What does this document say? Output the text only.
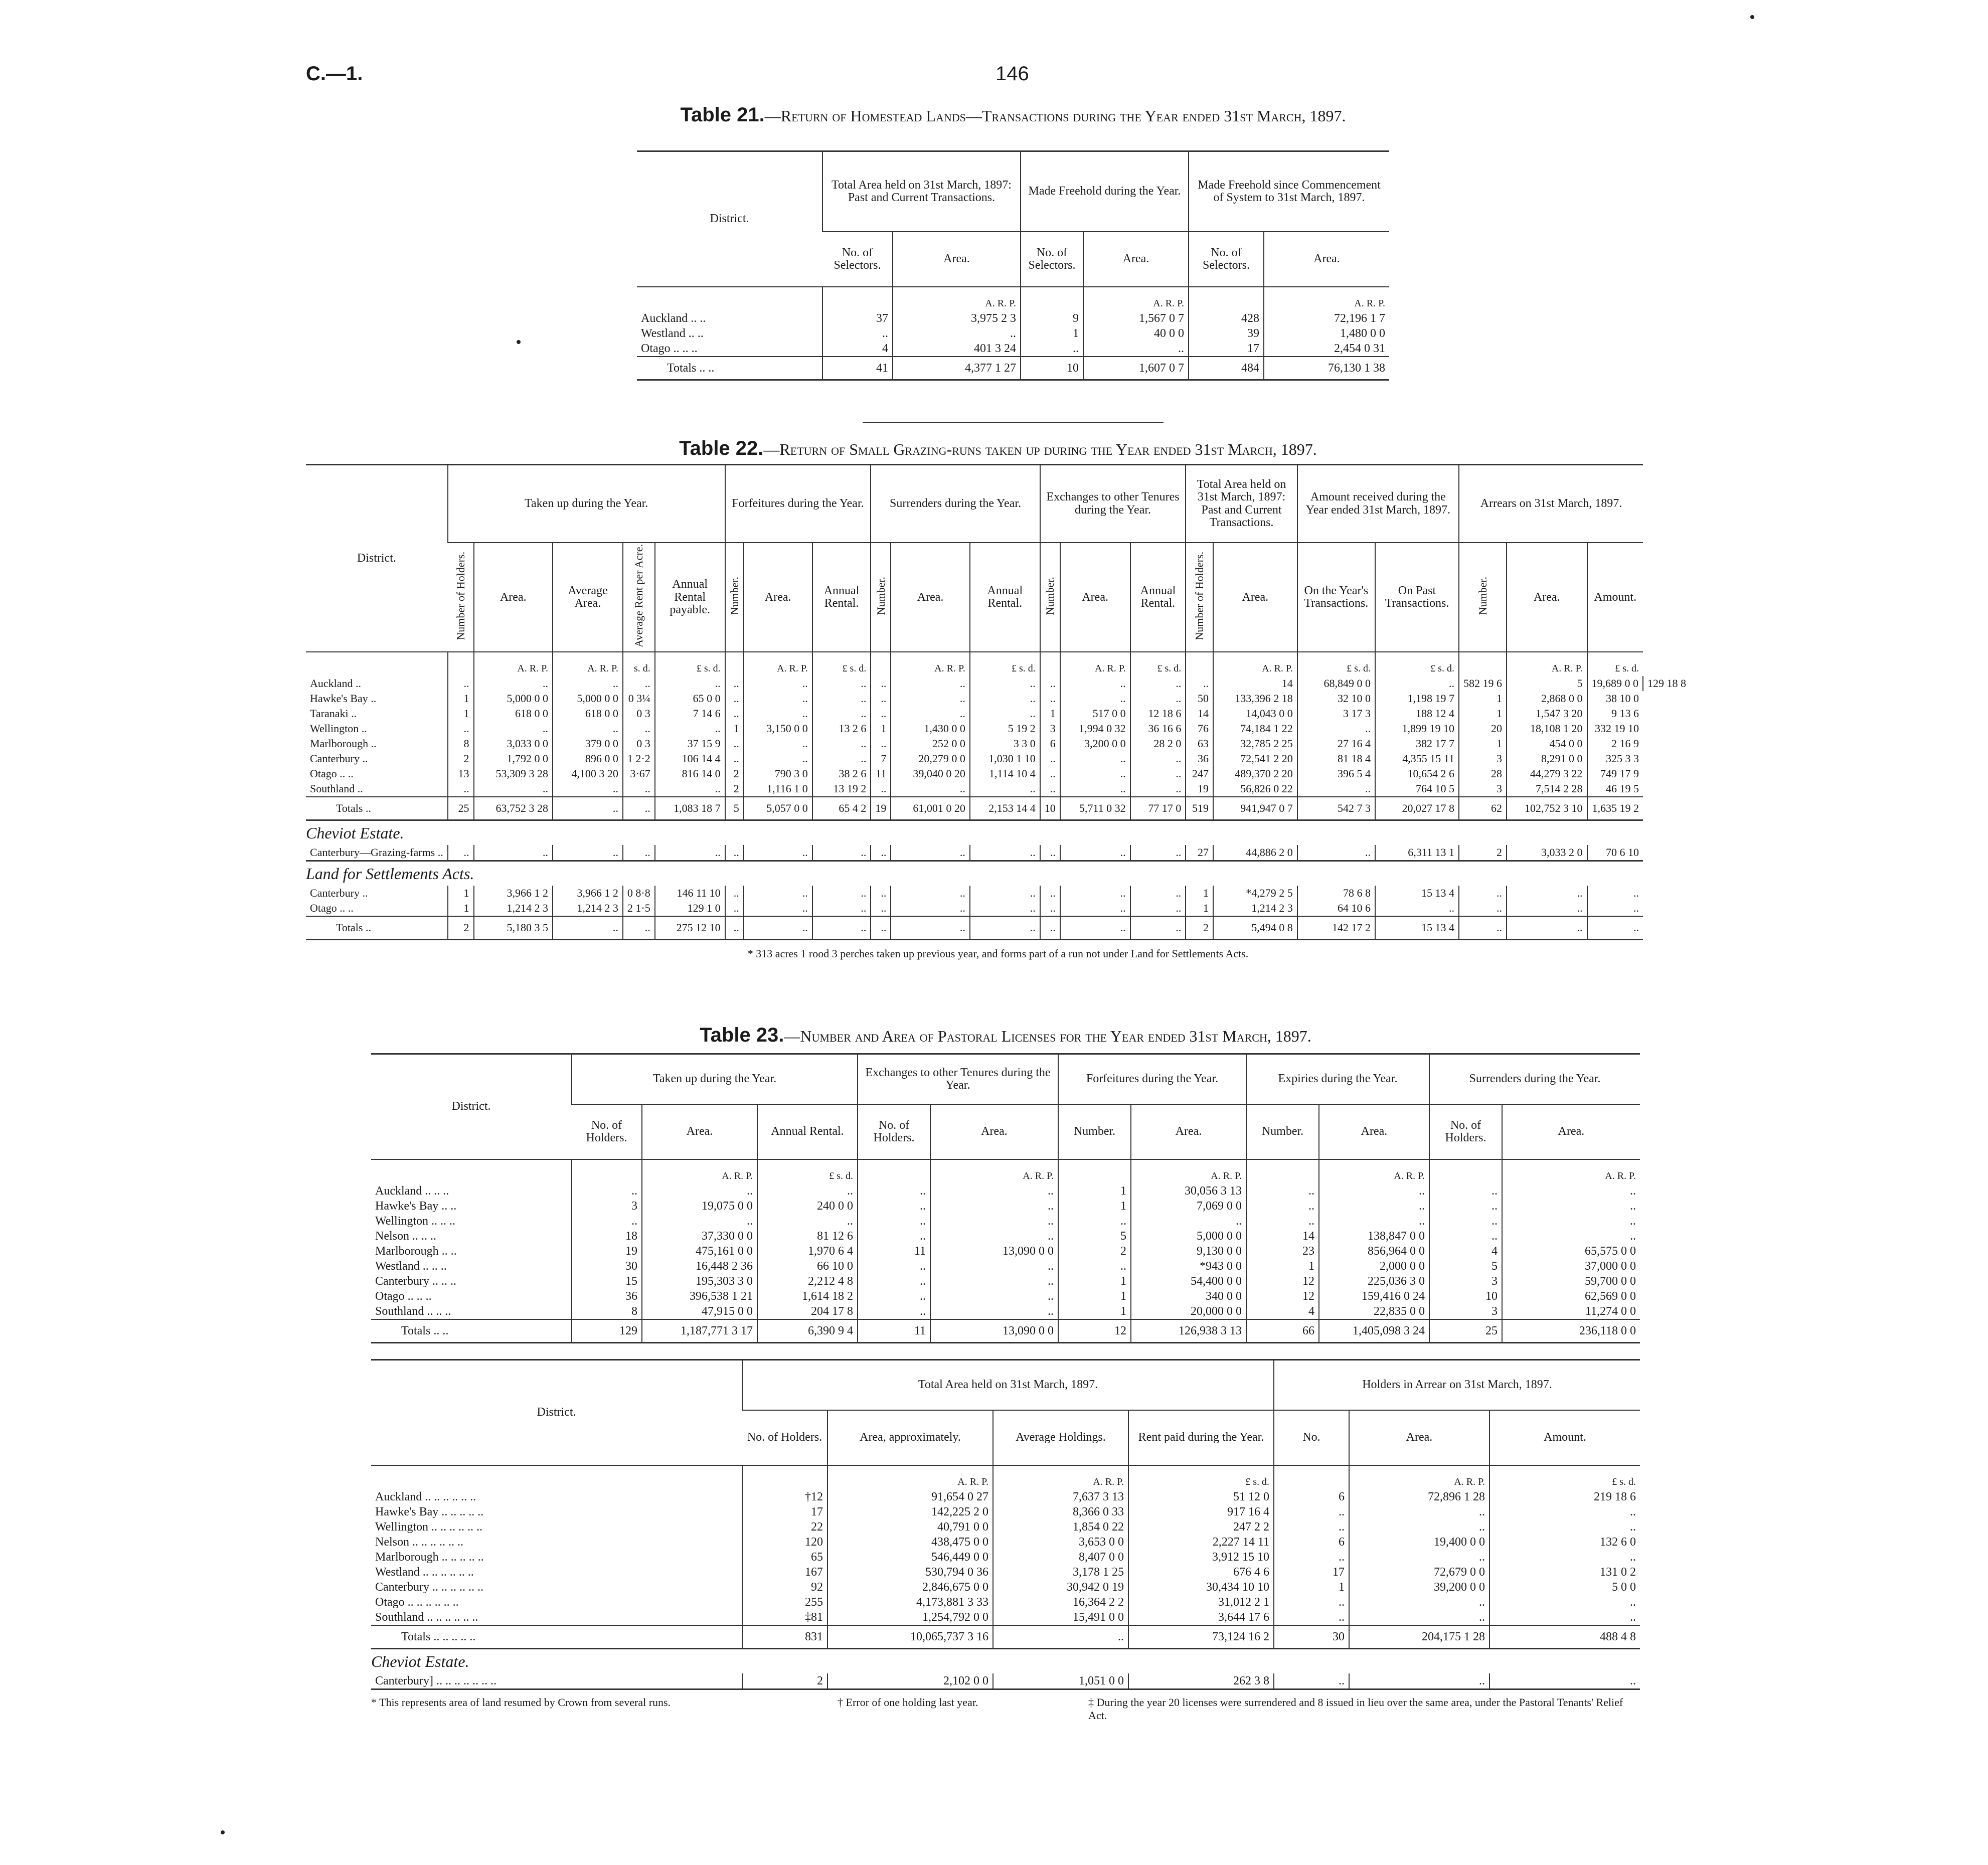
C.—1.	146
Table 21.—Return of Homestead Lands—Transactions during the Year ended 31st March, 1897.
District.	Total Area held on 31st March, 1897: Past and Current Transactions.		Made Freehold during the Year.		Made Freehold since Commencement of System to 31st March, 1897.	
	No. of Selectors.	Area.	No. of Selectors.	Area.	No. of Selectors.	Area.
		A. R. P.		A. R. P.		A. R. P.
Auckland .. ..	37	3,975 2 3	9	1,567 0 7	428	72,196 1 7
Westland .. ..	..	..	1	40 0 0	39	1,480 0 0
Otago .. .. ..	4	401 3 24	..	..	17	2,454 0 31
Totals .. ..	41	4,377 1 27	10	1,607 0 7	484	76,130 1 38
Table 22.—Return of Small Grazing-runs taken up during the Year ended 31st March, 1897.
District.	Taken up during the Year.					Forfeitures during the Year.			Surrenders during the Year.			Exchanges to other Tenures during the Year.			Total Area held on 31st March, 1897: Past and Current Transactions.		Amount received during the Year ended 31st March, 1897.		Arrears on 31st March, 1897.			
	Number of Holders.	Area.	Average Area.	Average Rent per Acre.	Annual Rental payable.	Number.	Area.	Annual Rental.	Number.	Area.	Annual Rental.	Number.	Area.	Annual Rental.	Number of Holders.	Area.	On the Year's Transactions.	On Past Transactions.	Number.	Area.	Amount.	
		A. R. P.	A. R. P.	s. d.	£ s. d.		A. R. P.	£ s. d.		A. R. P.	£ s. d.		A. R. P.	£ s. d.		A. R. P.	£ s. d.	£ s. d.		A. R. P.	£ s. d.	
Auckland ..	..	..	..	..	..	..	..	..	..	..	..	..	..	..	..	14	68,849 0 0	..	582 19 6	5	19,689 0 0	129 18 8
Hawke's Bay ..	1	5,000 0 0	5,000 0 0	0 3¼	65 0 0	..	..	..	..	..	..	..	..	..	50	133,396 2 18	32 10 0	1,198 19 7	1	2,868 0 0	38 10 0	
Taranaki ..	1	618 0 0	618 0 0	0 3	7 14 6	..	..	..	..	..	..	1	517 0 0	12 18 6	14	14,043 0 0	3 17 3	188 12 4	1	1,547 3 20	9 13 6	
Wellington ..	..	..	..	..	..	1	3,150 0 0	13 2 6	1	1,430 0 0	5 19 2	3	1,994 0 32	36 16 6	76	74,184 1 22	..	1,899 19 10	20	18,108 1 20	332 19 10	
Marlborough ..	8	3,033 0 0	379 0 0	0 3	37 15 9	..	..	..	..	252 0 0	3 3 0	6	3,200 0 0	28 2 0	63	32,785 2 25	27 16 4	382 17 7	1	454 0 0	2 16 9	
Canterbury ..	2	1,792 0 0	896 0 0	1 2·2	106 14 4	..	..	..	7	20,279 0 0	1,030 1 10	..	..	..	36	72,541 2 20	81 18 4	4,355 15 11	3	8,291 0 0	325 3 3	
Otago .. ..	13	53,309 3 28	4,100 3 20	3·67	816 14 0	2	790 3 0	38 2 6	11	39,040 0 20	1,114 10 4	..	..	..	247	489,370 2 20	396 5 4	10,654 2 6	28	44,279 3 22	749 17 9	
Southland ..	..	..	..	..	..	2	1,116 1 0	13 19 2	..	..	..	..	..	..	19	56,826 0 22	..	764 10 5	3	7,514 2 28	46 19 5	
Totals ..	25	63,752 3 28	..	..	1,083 18 7	5	5,057 0 0	65 4 2	19	61,001 0 20	2,153 14 4	10	5,711 0 32	77 17 0	519	941,947 0 7	542 7 3	20,027 17 8	62	102,752 3 10	1,635 19 2	
Cheviot Estate.																						
Canterbury—Grazing-farms ..	..	..	..	..	..	..	..	..	..	..	..	..	..	..	27	44,886 2 0	..	6,311 13 1	2	3,033 2 0	70 6 10	
Land for Settlements Acts.																						
Canterbury ..	1	3,966 1 2	3,966 1 2	0 8·8	146 11 10	..	..	..	..	..	..	..	..	..	1	*4,279 2 5	78 6 8	15 13 4	..	..	..	
Otago .. ..	1	1,214 2 3	1,214 2 3	2 1·5	129 1 0	..	..	..	..	..	..	..	..	..	1	1,214 2 3	64 10 6	..	..	..	..	
Totals ..	2	5,180 3 5	..	..	275 12 10	..	..	..	..	..	..	..	..	..	2	5,494 0 8	142 17 2	15 13 4	..	..	..	
* 313 acres 1 rood 3 perches taken up previous year, and forms part of a run not under Land for Settlements Acts.
Table 23.—Number and Area of Pastoral Licenses for the Year ended 31st March, 1897.
District.	Taken up during the Year.			Exchanges to other Tenures during the Year.		Forfeitures during the Year.		Expiries during the Year.		Surrenders during the Year.	
	No. of Holders.	Area.	Annual Rental.	No. of Holders.	Area.	Number.	Area.	Number.	Area.	No. of Holders.	Area.
		A. R. P.	£ s. d.		A. R. P.		A. R. P.		A. R. P.		A. R. P.
Auckland .. .. ..	..	..	..	..	..	1	30,056 3 13	..	..	..	..
Hawke's Bay .. ..	3	19,075 0 0	240 0 0	..	..	1	7,069 0 0	..	..	..	..
Wellington .. .. ..	..	..	..	..	..	..	..	..	..	..	..
Nelson .. .. ..	18	37,330 0 0	81 12 6	..	..	5	5,000 0 0	14	138,847 0 0	..	..
Marlborough .. ..	19	475,161 0 0	1,970 6 4	11	13,090 0 0	2	9,130 0 0	23	856,964 0 0	4	65,575 0 0
Westland .. .. ..	30	16,448 2 36	66 10 0	..	..	..	*943 0 0	1	2,000 0 0	5	37,000 0 0
Canterbury .. .. ..	15	195,303 3 0	2,212 4 8	..	..	1	54,400 0 0	12	225,036 3 0	3	59,700 0 0
Otago .. .. ..	36	396,538 1 21	1,614 18 2	..	..	1	340 0 0	12	159,416 0 24	10	62,569 0 0
Southland .. .. ..	8	47,915 0 0	204 17 8	..	..	1	20,000 0 0	4	22,835 0 0	3	11,274 0 0
Totals .. ..	129	1,187,771 3 17	6,390 9 4	11	13,090 0 0	12	126,938 3 13	66	1,405,098 3 24	25	236,118 0 0
District.	Total Area held on 31st March, 1897.				Holders in Arrear on 31st March, 1897.		
	No. of Holders.	Area, approximately.	Average Holdings.	Rent paid during the Year.	No.	Area.	Amount.
		A. R. P.	A. R. P.	£ s. d.		A. R. P.	£ s. d.
Auckland .. .. .. .. .. ..	†12	91,654 0 27	7,637 3 13	51 12 0	6	72,896 1 28	219 18 6
Hawke's Bay .. .. .. .. ..	17	142,225 2 0	8,366 0 33	917 16 4	..	..	..
Wellington .. .. .. .. .. ..	22	40,791 0 0	1,854 0 22	247 2 2	..	..	..
Nelson .. .. .. .. .. ..	120	438,475 0 0	3,653 0 0	2,227 14 11	6	19,400 0 0	132 6 0
Marlborough .. .. .. .. ..	65	546,449 0 0	8,407 0 0	3,912 15 10	..	..	..
Westland .. .. .. .. .. ..	167	530,794 0 36	3,178 1 25	676 4 6	17	72,679 0 0	131 0 2
Canterbury .. .. .. .. .. ..	92	2,846,675 0 0	30,942 0 19	30,434 10 10	1	39,200 0 0	5 0 0
Otago .. .. .. .. .. ..	255	4,173,881 3 33	16,364 2 2	31,012 2 1	..	..	..
Southland .. .. .. .. .. ..	‡81	1,254,792 0 0	15,491 0 0	3,644 17 6	..	..	..
Totals .. .. .. .. ..	831	10,065,737 3 16	..	73,124 16 2	30	204,175 1 28	488 4 8
Cheviot Estate.							
Canterbury] .. .. .. .. .. .. ..	2	2,102 0 0	1,051 0 0	262 3 8	..	..	..
* This represents area of land resumed by Crown from several runs.	† Error of one holding last year.	‡ During the year 20 licenses were surrendered and 8 issued in lieu over the same area, under the Pastoral Tenants' Relief Act.
